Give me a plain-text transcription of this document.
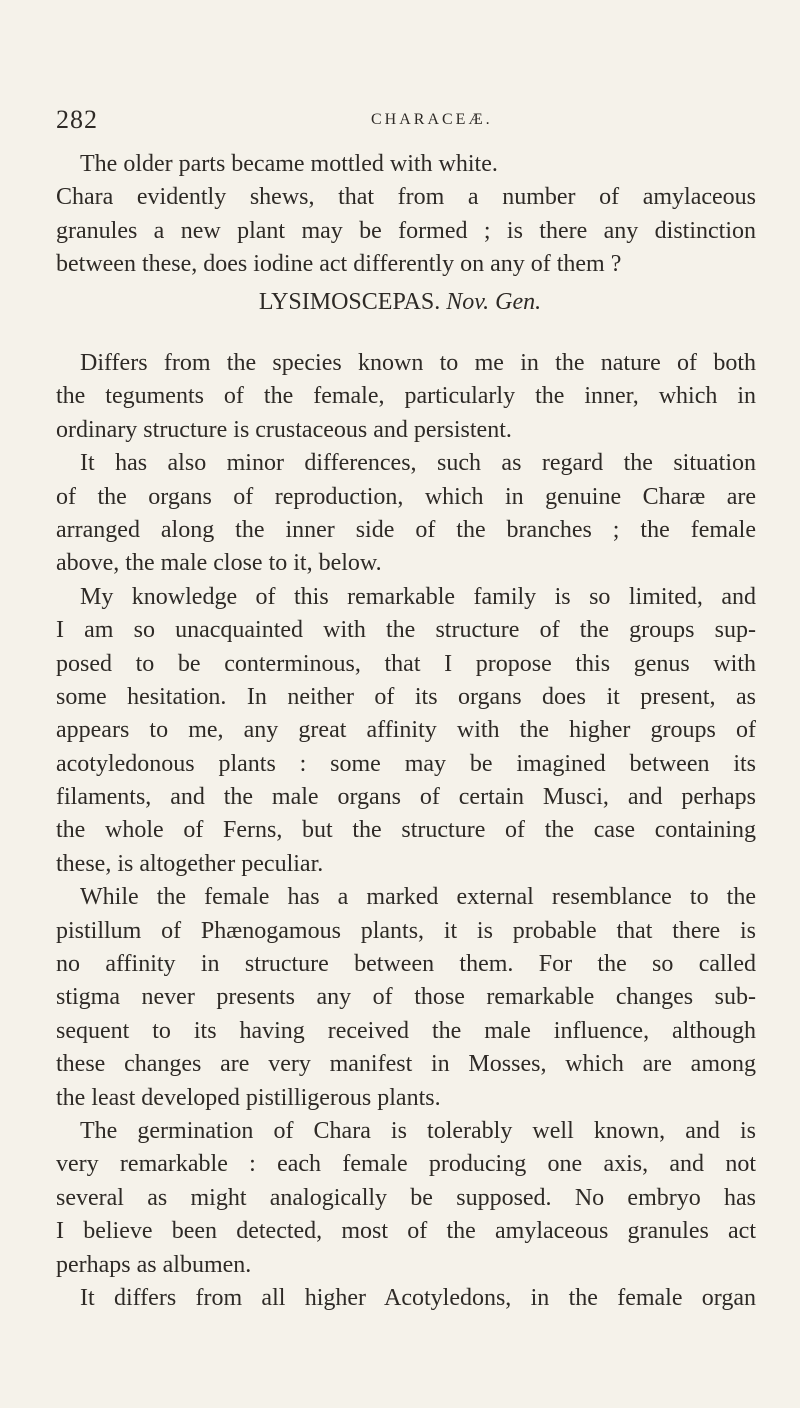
282	CHARACEÆ.
The older parts became mottled with white.
Chara evidently shews, that from a number of amylaceous
granules a new plant may be formed ; is there any distinction
between these, does iodine act differently on any of them ?
LYSIMOSCEPAS. Nov. Gen.
Differs from the species known to me in the nature of both
the teguments of the female, particularly the inner, which in
ordinary structure is crustaceous and persistent.
It has also minor differences, such as regard the situation
of the organs of reproduction, which in genuine Charæ are
arranged along the inner side of the branches ; the female
above, the male close to it, below.
My knowledge of this remarkable family is so limited, and
I am so unacquainted with the structure of the groups sup-
posed to be conterminous, that I propose this genus with
some hesitation. In neither of its organs does it present, as
appears to me, any great affinity with the higher groups of
acotyledonous plants : some may be imagined between its
filaments, and the male organs of certain Musci, and perhaps
the whole of Ferns, but the structure of the case containing
these, is altogether peculiar.
While the female has a marked external resemblance to the
pistillum of Phænogamous plants, it is probable that there is
no affinity in structure between them. For the so called
stigma never presents any of those remarkable changes sub-
sequent to its having received the male influence, although
these changes are very manifest in Mosses, which are among
the least developed pistilligerous plants.
The germination of Chara is tolerably well known, and is
very remarkable : each female producing one axis, and not
several as might analogically be supposed. No embryo has
I believe been detected, most of the amylaceous granules act
perhaps as albumen.
It differs from all higher Acotyledons, in the female organ
